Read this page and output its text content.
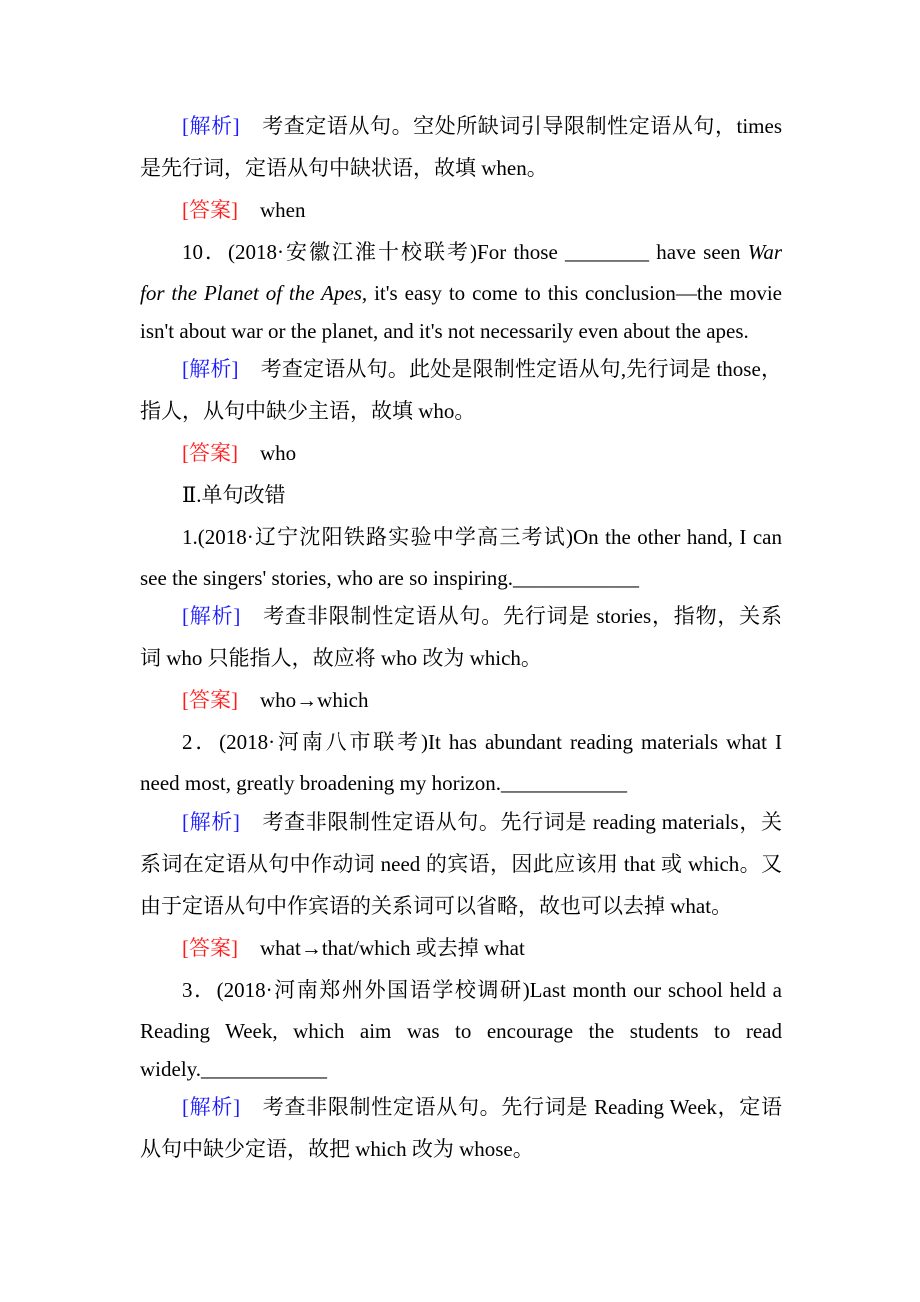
[解析] 考查定语从句。空处所缺词引导限制性定语从句，times
是先行词，定语从句中缺状语，故填 when。
[答案] when
10．(2018·安徽江淮十校联考)For those ________ have seen War
for the Planet of the Apes, it's easy to come to this conclusion—the movie
isn't about war or the planet, and it's not necessarily even about the apes.
[解析] 考查定语从句。此处是限制性定语从句,先行词是 those，
指人，从句中缺少主语，故填 who。
[答案] who
Ⅱ.单句改错
1.(2018·辽宁沈阳铁路实验中学高三考试)On the other hand, I can
see the singers' stories, who are so inspiring.____________
[解析] 考查非限制性定语从句。先行词是 stories，指物，关系
词 who 只能指人，故应将 who 改为 which。
[答案] who→which
2．(2018·河南八市联考)It has abundant reading materials what I
need most, greatly broadening my horizon.____________
[解析] 考查非限制性定语从句。先行词是 reading materials，关
系词在定语从句中作动词 need 的宾语，因此应该用 that 或 which。又
由于定语从句中作宾语的关系词可以省略，故也可以去掉 what。
[答案] what→that/which 或去掉 what
3．(2018·河南郑州外国语学校调研)Last month our school held a
Reading Week, which aim was to encourage the students to read
widely.____________
[解析] 考查非限制性定语从句。先行词是 Reading Week，定语
从句中缺少定语，故把 which 改为 whose。
